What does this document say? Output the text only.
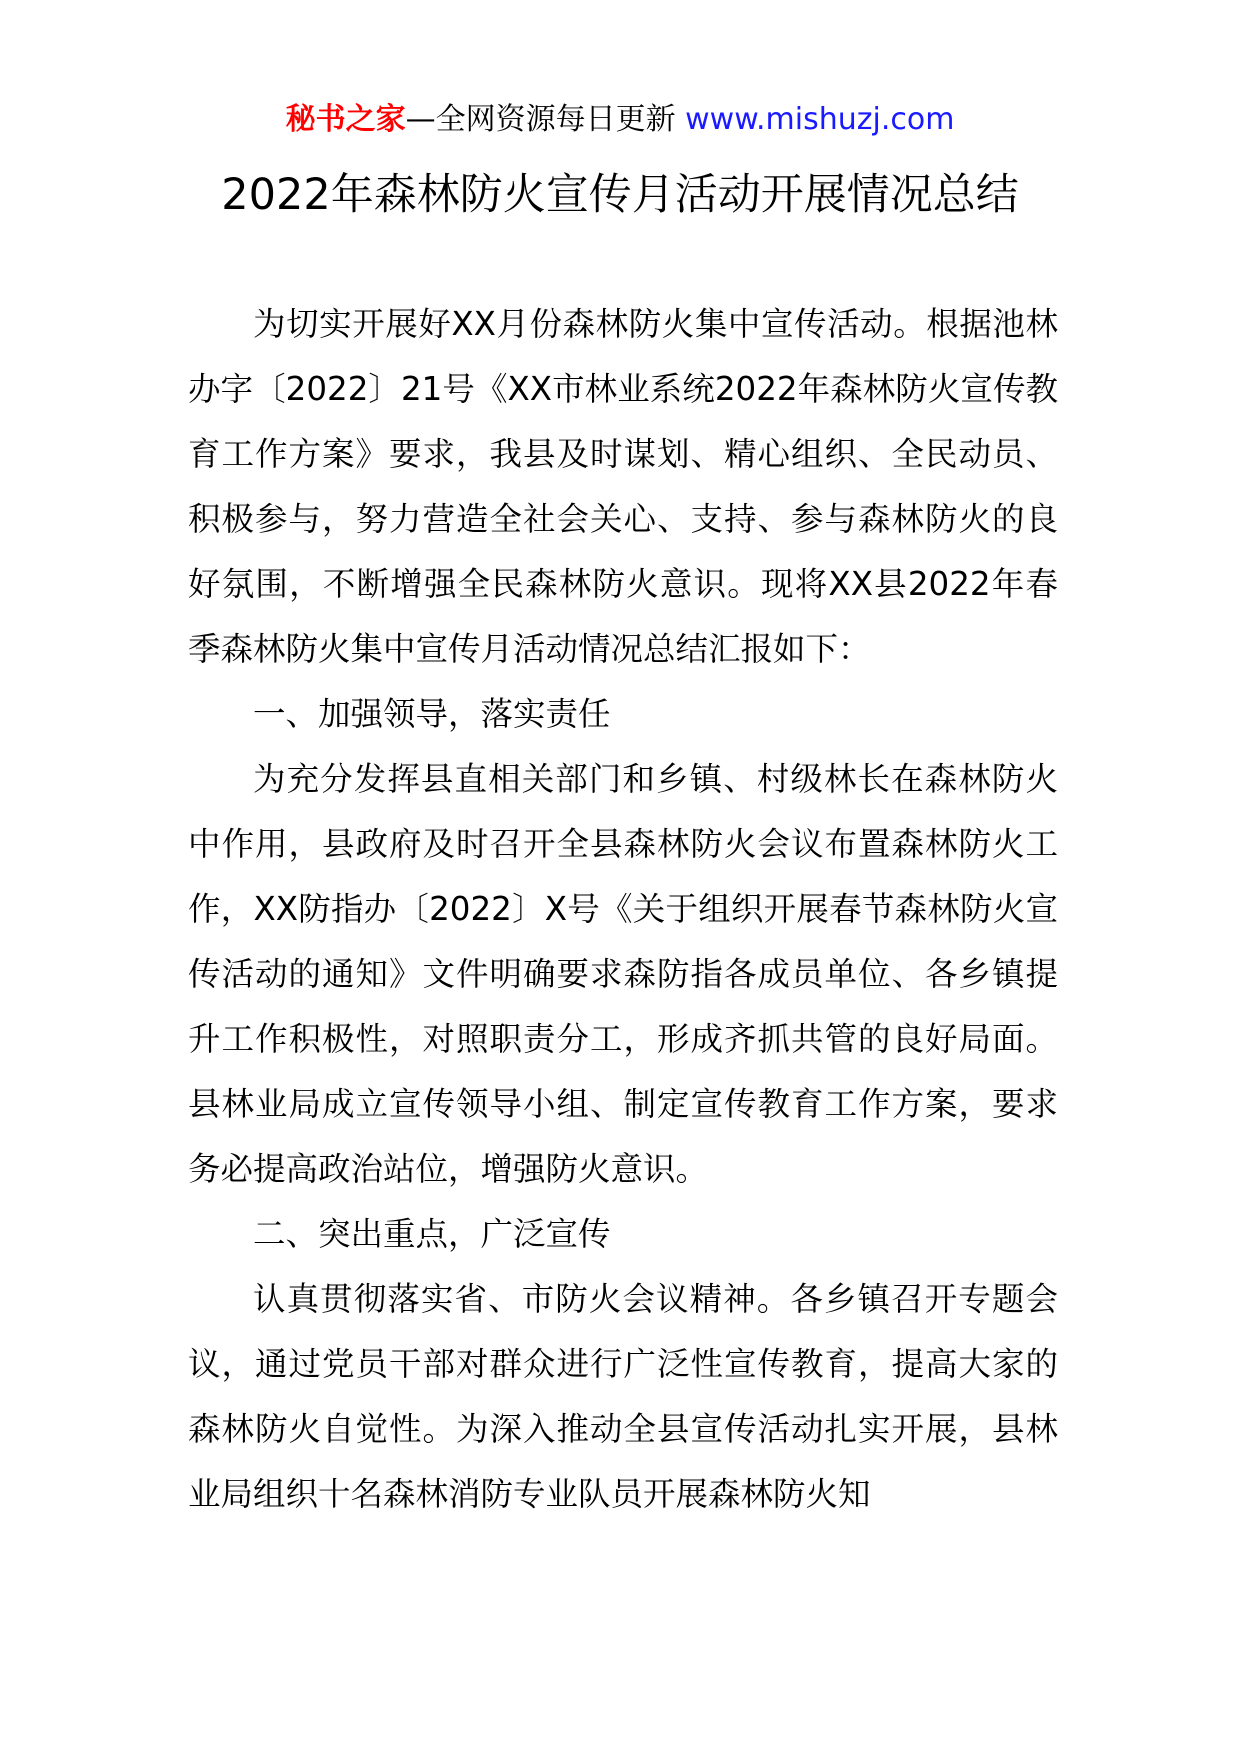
秘书之家—全网资源每日更新 www.mishuzj.com
2022年森林防火宣传月活动开展情况总结

为切实开展好XX月份森林防火集中宣传活动。根据池林办字〔2022〕21号《XX市林业系统2022年森林防火宣传教育工作方案》要求，我县及时谋划、精心组织、全民动员、积极参与，努力营造全社会关心、支持、参与森林防火的良好氛围，不断增强全民森林防火意识。现将XX县2022年春季森林防火集中宣传月活动情况总结汇报如下：

一、加强领导，落实责任

为充分发挥县直相关部门和乡镇、村级林长在森林防火中作用，县政府及时召开全县森林防火会议布置森林防火工作，XX防指办〔2022〕X号《关于组织开展春节森林防火宣传活动的通知》文件明确要求森防指各成员单位、各乡镇提升工作积极性，对照职责分工，形成齐抓共管的良好局面。县林业局成立宣传领导小组、制定宣传教育工作方案，要求务必提高政治站位，增强防火意识。

二、突出重点，广泛宣传

认真贯彻落实省、市防火会议精神。各乡镇召开专题会议，通过党员干部对群众进行广泛性宣传教育，提高大家的森林防火自觉性。为深入推动全县宣传活动扎实开展，县林业局组织十名森林消防专业队员开展森林防火知
